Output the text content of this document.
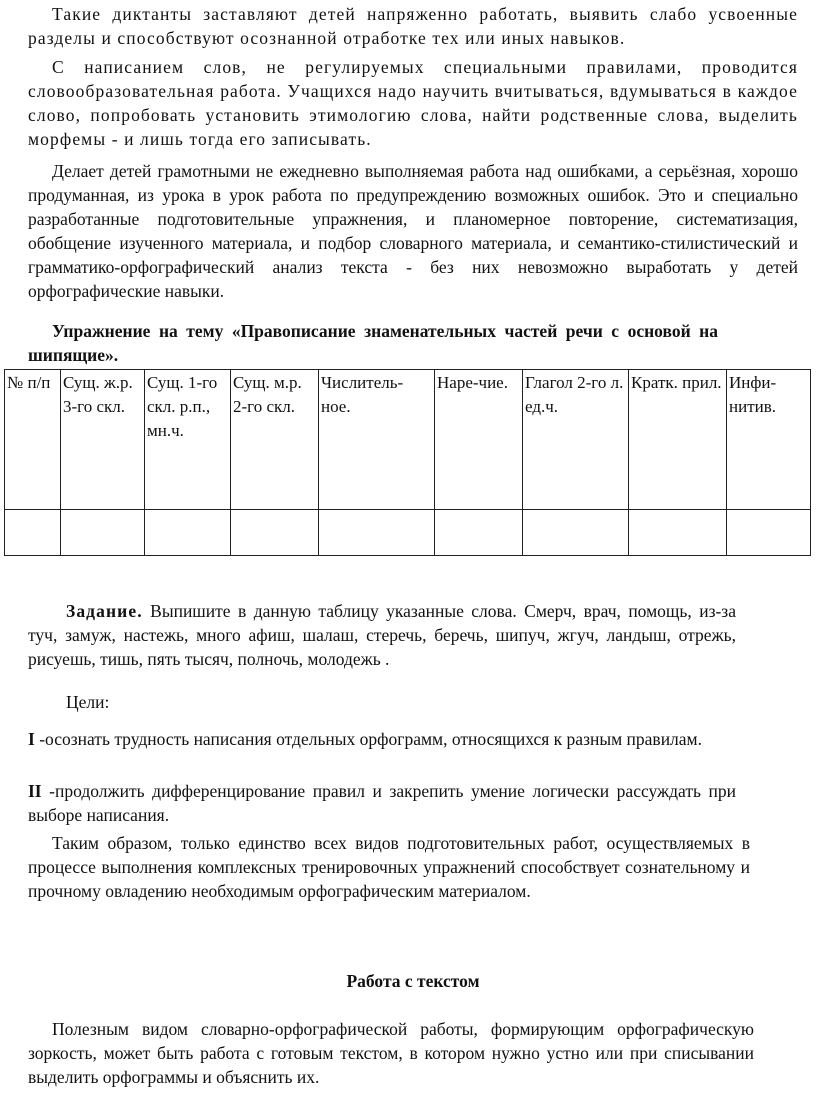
Такие диктанты заставляют детей напряженно работать, выявить слабо усвоенные разделы и способствуют осознанной отработке тех или иных навыков.

С написанием слов, не регулируемых специальными правилами, проводится словообразовательная работа. Учащихся надо научить вчитываться, вдумываться в каждое слово, попробовать установить этимологию слова, найти родственные слова, выделить морфемы - и лишь тогда его записывать.

Делает детей грамотными не ежедневно выполняемая работа над ошибками, а серьёзная, хорошо продуманная, из урока в урок работа по предупреждению возможных ошибок. Это и специально разработанные подготовительные упражнения, и планомерное повторение, систематизация, обобщение изученного материала, и подбор словарного материала, и семантико-стилистический и грамматико-орфографический анализ текста - без них невозможно выработать у детей орфографические навыки.

Упражнение на тему «Правописание знаменательных частей речи с основой на шипящие».

№ п/п	Сущ. ж.р. 3-го скл.	Сущ. 1-го скл. р.п., мн.ч.	Сущ. м.р. 2-го скл.	Числитель-ное.	Наре-чие.	Глагол 2-го л. ед.ч.	Кратк. прил.	Инфи-нитив.

Задание. Выпишите в данную таблицу указанные слова. Смерч, врач, помощь, из-за туч, замуж, настежь, много афиш, шалаш, стеречь, беречь, шипуч, жгуч, ландыш, отрежь, рисуешь, тишь, пять тысяч, полночь, молодежь .

Цели:

I -осознать трудность написания отдельных орфограмм, относящихся к разным правилам.

II -продолжить дифференцирование правил и закрепить умение логически рассуждать при выборе написания.

Таким образом, только единство всех видов подготовительных работ, осуществляемых в процессе выполнения комплексных тренировочных упражнений способствует сознательному и прочному овладению необходимым орфографическим материалом.

Работа с текстом

Полезным видом словарно-орфографической работы, формирующим орфографическую зоркость, может быть работа с готовым текстом, в котором нужно устно или при списывании выделить орфограммы и объяснить их.
